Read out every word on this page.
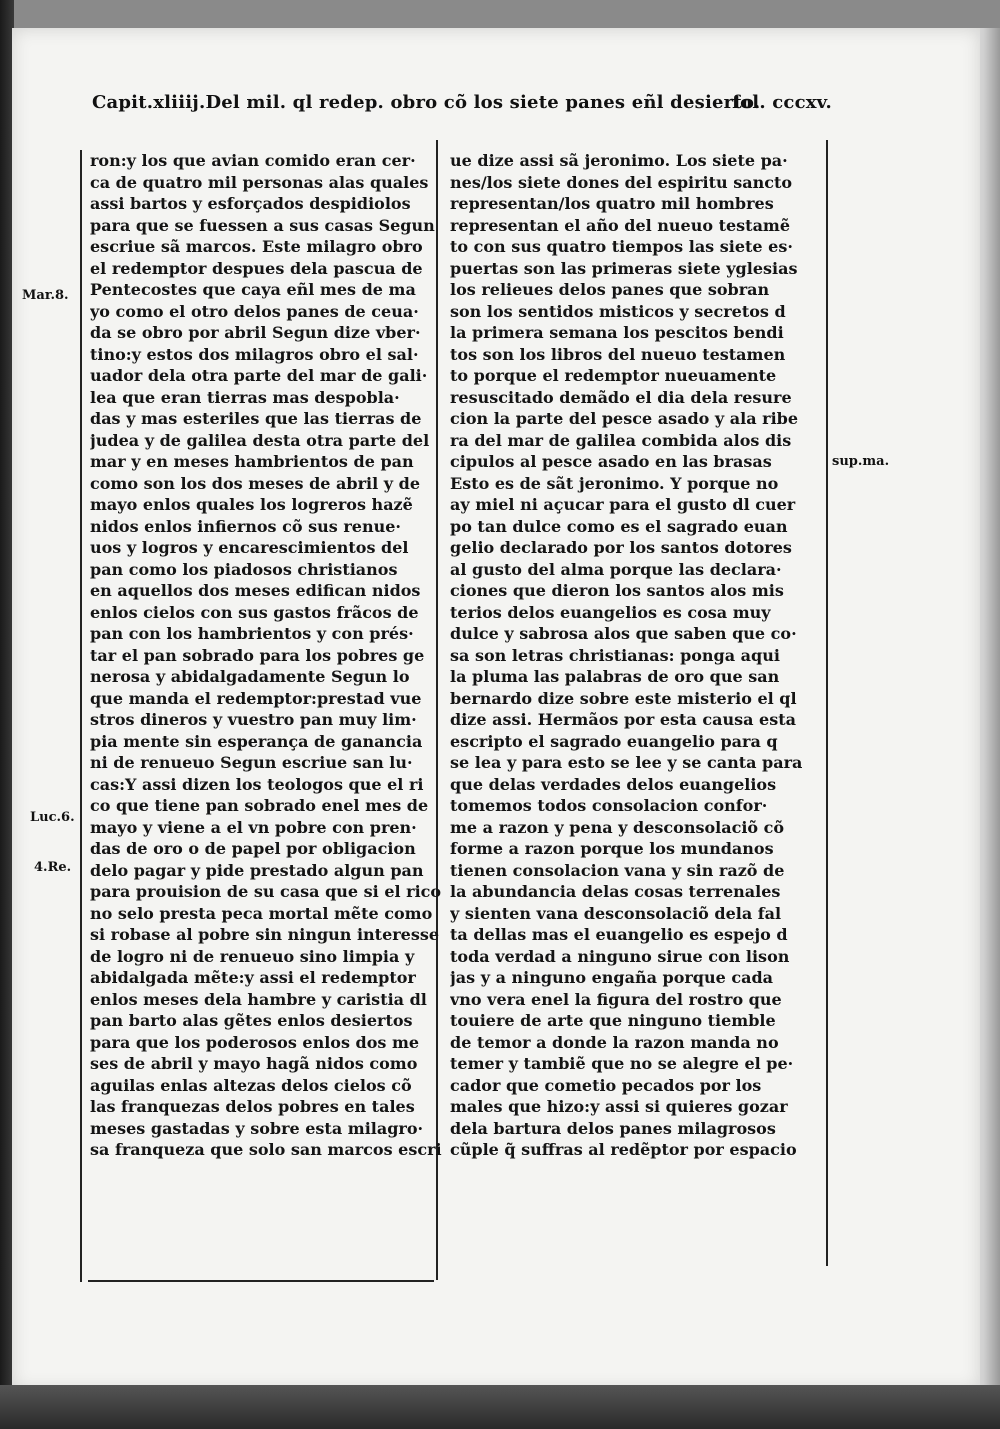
Capit.xliiij.Del mil. ql redep. obro cõ los siete panes eñl desierto.
fol. cccxv.
ron:y los que avian comido eran cer·
ca de quatro mil personas alas quales
assi bartos y esforçados despidiolos
para que se fuessen a sus casas Segun
escriue sã marcos. Este milagro obro
el redemptor despues dela pascua de
Pentecostes que caya eñl mes de ma
yo como el otro delos panes de ceua·
da se obro por abril Segun dize vber·
tino:y estos dos milagros obro el sal·
uador dela otra parte del mar de gali·
lea que eran tierras mas despobla·
das y mas esteriles que las tierras de
judea y de galilea desta otra parte del
mar y en meses hambrientos de pan
como son los dos meses de abril y de
mayo enlos quales los logreros hazẽ
nidos enlos infiernos cõ sus renue·
uos y logros y encarescimientos del
pan como los piadosos christianos
en aquellos dos meses edifican nidos
enlos cielos con sus gastos frãcos de
pan con los hambrientos y con prés·
tar el pan sobrado para los pobres ge
nerosa y abidalgadamente Segun lo
que manda el redemptor:prestad vue
stros dineros y vuestro pan muy lim·
pia mente sin esperança de ganancia
ni de renueuo Segun escriue san lu·
cas:Y assi dizen los teologos que el ri
co que tiene pan sobrado enel mes de
mayo y viene a el vn pobre con pren·
das de oro o de papel por obligacion
delo pagar y pide prestado algun pan
para prouision de su casa que si el rico
no selo presta peca mortal mẽte como
si robase al pobre sin ningun interesse
de logro ni de renueuo sino limpia y
abidalgada mẽte:y assi el redemptor
enlos meses dela hambre y caristia dl
pan barto alas gẽtes enlos desiertos
para que los poderosos enlos dos me
ses de abril y mayo hagã nidos como
aguilas enlas altezas delos cielos cõ
las franquezas delos pobres en tales
meses gastadas y sobre esta milagro·
sa franqueza que solo san marcos escri
ue dize assi sã jeronimo. Los siete pa·
nes/los siete dones del espiritu sancto
representan/los quatro mil hombres
representan el año del nueuo testamẽ
to con sus quatro tiempos las siete es·
puertas son las primeras siete yglesias
los relieues delos panes que sobran
son los sentidos misticos y secretos d
la primera semana los pescitos bendi
tos son los libros del nueuo testamen
to porque el redemptor nueuamente
resuscitado demãdo el dia dela resure
cion la parte del pesce asado y ala ribe
ra del mar de galilea combida alos dis
cipulos al pesce asado en las brasas
Esto es de sãt jeronimo. Y porque no
ay miel ni açucar para el gusto dl cuer
po tan dulce como es el sagrado euan
gelio declarado por los santos dotores
al gusto del alma porque las declara·
ciones que dieron los santos alos mis
terios delos euangelios es cosa muy
dulce y sabrosa alos que saben que co·
sa son letras christianas: ponga aqui
la pluma las palabras de oro que san
bernardo dize sobre este misterio el ql
dize assi. Hermãos por esta causa esta
escripto el sagrado euangelio para q
se lea y para esto se lee y se canta para
que delas verdades delos euangelios
tomemos todos consolacion confor·
me a razon y pena y desconsolaciõ cõ
forme a razon porque los mundanos
tienen consolacion vana y sin razõ de
la abundancia delas cosas terrenales
y sienten vana desconsolaciõ dela fal
ta dellas mas el euangelio es espejo d
toda verdad a ninguno sirue con lison
jas y a ninguno engaña porque cada
vno vera enel la figura del rostro que
touiere de arte que ninguno tiemble
de temor a donde la razon manda no
temer y tambiẽ que no se alegre el pe·
cador que cometio pecados por los
males que hizo:y assi si quieres gozar
dela bartura delos panes milagrosos
cũple q̃ suffras al redẽptor por espacio
Mar.8.
Luc.6.
4.Re.
sup.ma.
